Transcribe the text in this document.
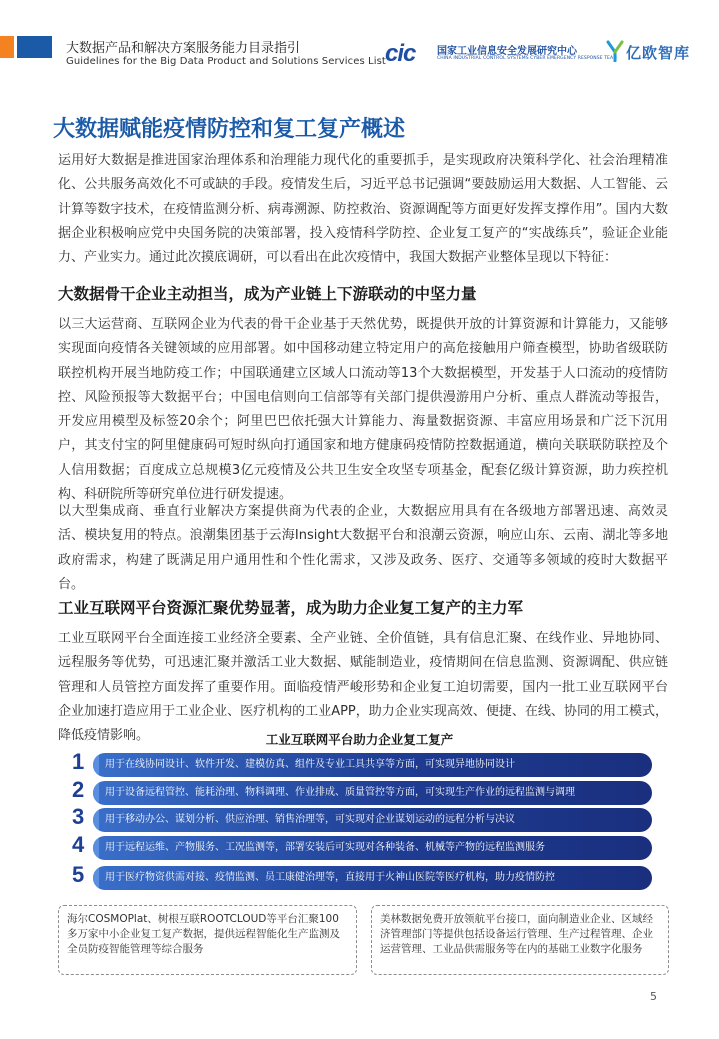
大数据产品和解决方案服务能力目录指引
Guidelines for the Big Data Product and Solutions Services List cic 国家工业信息安全发展研究中心
CHINA INDUSTRIAL CONTROL SYSTEMS CYBER EMERGENCY RESPONSE TEAM 亿欧智库
大数据赋能疫情防控和复工复产概述

运用好大数据是推进国家治理体系和治理能力现代化的重要抓手，是实现政府决策科学化、社会治理精准化、公共服务高效化不可或缺的手段。疫情发生后，习近平总书记强调“要鼓励运用大数据、人工智能、云计算等数字技术，在疫情监测分析、病毒溯源、防控救治、资源调配等方面更好发挥支撑作用”。国内大数据企业积极响应党中央国务院的决策部署，投入疫情科学防控、企业复工复产的“实战练兵”，验证企业能力、产业实力。通过此次摸底调研，可以看出在此次疫情中，我国大数据产业整体呈现以下特征：

大数据骨干企业主动担当，成为产业链上下游联动的中坚力量

以三大运营商、互联网企业为代表的骨干企业基于天然优势，既提供开放的计算资源和计算能力，又能够实现面向疫情各关键领域的应用部署。如中国移动建立特定用户的高危接触用户筛查模型，协助省级联防联控机构开展当地防疫工作；中国联通建立区域人口流动等13个大数据模型，开发基于人口流动的疫情防控、风险预报等大数据平台；中国电信则向工信部等有关部门提供漫游用户分析、重点人群流动等报告，开发应用模型及标签20余个；阿里巴巴依托强大计算能力、海量数据资源、丰富应用场景和广泛下沉用户，其支付宝的阿里健康码可短时纵向打通国家和地方健康码疫情防控数据通道，横向关联联防联控及个人信用数据；百度成立总规模3亿元疫情及公共卫生安全攻坚专项基金，配套亿级计算资源，助力疾控机构、科研院所等研究单位进行研发提速。

以大型集成商、垂直行业解决方案提供商为代表的企业，大数据应用具有在各级地方部署迅速、高效灵活、模块复用的特点。浪潮集团基于云海Insight大数据平台和浪潮云资源，响应山东、云南、湖北等多地政府需求，构建了既满足用户通用性和个性化需求，又涉及政务、医疗、交通等多领域的疫时大数据平台。

工业互联网平台资源汇聚优势显著，成为助力企业复工复产的主力军

工业互联网平台全面连接工业经济全要素、全产业链、全价值链，具有信息汇聚、在线作业、异地协同、远程服务等优势，可迅速汇聚并激活工业大数据、赋能制造业，疫情期间在信息监测、资源调配、供应链管理和人员管控方面发挥了重要作用。面临疫情严峻形势和企业复工迫切需要，国内一批工业互联网平台企业加速打造应用于工业企业、医疗机构的工业APP，助力企业实现高效、便捷、在线、协同的用工模式，降低疫情影响。	工业互联网平台助力企业复工复产
1	用于在线协同设计、软件开发、建模仿真、组件及专业工具共享等方面，可实现异地协同设计
2	用于设备远程管控、能耗治理、物料调理、作业排成、质量管控等方面，可实现生产作业的远程监测与调理
3	用于移动办公、谋划分析、供应治理、销售治理等，可实现对企业谋划运动的远程分析与决议
4	用于远程运维、产物服务、工况监测等，部署安装后可实现对各种装备、机械等产物的远程监测服务
5	用于医疗物资供需对接、疫情监测、员工康健治理等，直接用于火神山医院等医疗机构，助力疫情防控
海尔COSMOPlat、树根互联ROOTCLOUD等平台汇聚100多万家中小企业复工复产数据，提供远程智能化生产监测及全员防疫智能管理等综合服务
美林数据免费开放领航平台接口，面向制造业企业、区域经济管理部门等提供包括设备运行管理、生产过程管理、企业运营管理、工业品供需服务等在内的基础工业数字化服务
5
